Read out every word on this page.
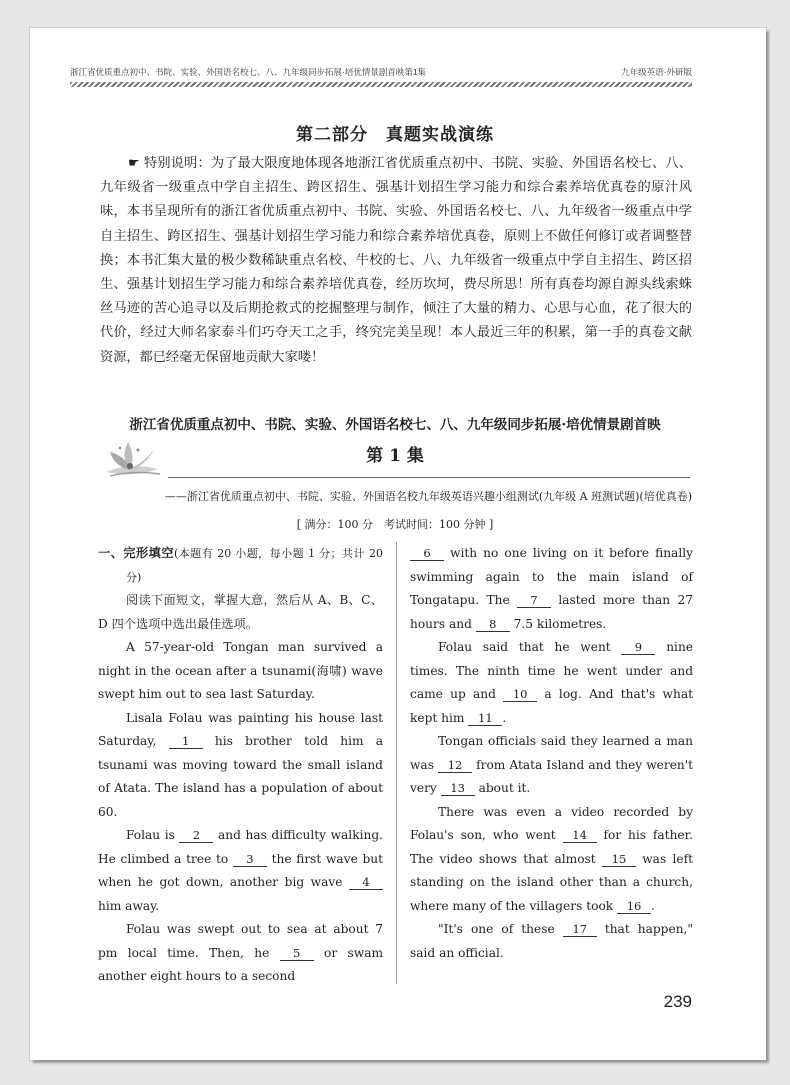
浙江省优质重点初中、书院、实验、外国语名校七、八、九年级同步拓展·培优情景剧首映第1集	九年级英语·外研版
第二部分　真题实战演练

☛ 特别说明：为了最大限度地体现各地浙江省优质重点初中、书院、实验、外国语名校七、八、九年级省一级重点中学自主招生、跨区招生、强基计划招生学习能力和综合素养培优真卷的原汁风味，本书呈现所有的浙江省优质重点初中、书院、实验、外国语名校七、八、九年级省一级重点中学自主招生、跨区招生、强基计划招生学习能力和综合素养培优真卷，原则上不做任何修订或者调整替换；本书汇集大量的极少数稀缺重点名校、牛校的七、八、九年级省一级重点中学自主招生、跨区招生、强基计划招生学习能力和综合素养培优真卷，经历坎坷，费尽所思！所有真卷均源自源头线索蛛丝马迹的苦心追寻以及后期抢救式的挖掘整理与制作，倾注了大量的精力、心思与心血，花了很大的代价，经过大师名家泰斗们巧夺天工之手，终究完美呈现！本人最近三年的积累，第一手的真卷文献资源，都已经毫无保留地贡献大家喽！

浙江省优质重点初中、书院、实验、外国语名校七、八、九年级同步拓展·培优情景剧首映
第 1 集
——浙江省优质重点初中、书院、实验、外国语名校九年级英语兴趣小组测试(九年级 A 班测试题)(培优真卷)
[ 满分：100 分　考试时间：100 分钟 ]

一、完形填空(本题有 20 小题，每小题 1 分；共计 20 分)

阅读下面短文，掌握大意，然后从 A、B、C、D 四个选项中选出最佳选项。

A 57-year-old Tongan man survived a night in the ocean after a tsunami(海啸) wave swept him out to sea last Saturday.

Lisala Folau was painting his house last Saturday, 1 his brother told him a tsunami was moving toward the small island of Atata. The island has a population of about 60.

Folau is 2 and has difficulty walking. He climbed a tree to 3 the first wave but when he got down, another big wave 4 him away.

Folau was swept out to sea at about 7 pm local time. Then, he 5 or swam another eight hours to a second

6 with no one living on it before finally swimming again to the main island of Tongatapu. The 7 lasted more than 27 hours and 8 7.5 kilometres.

Folau said that he went 9 nine times. The ninth time he went under and came up and 10 a log. And that's what kept him 11 .

Tongan officials said they learned a man was 12 from Atata Island and they weren't very 13 about it.

There was even a video recorded by Folau's son, who went 14 for his father. The video shows that almost 15 was left standing on the island other than a church, where many of the villagers took 16 .

"It's one of these 17 that happen," said an official.

239
